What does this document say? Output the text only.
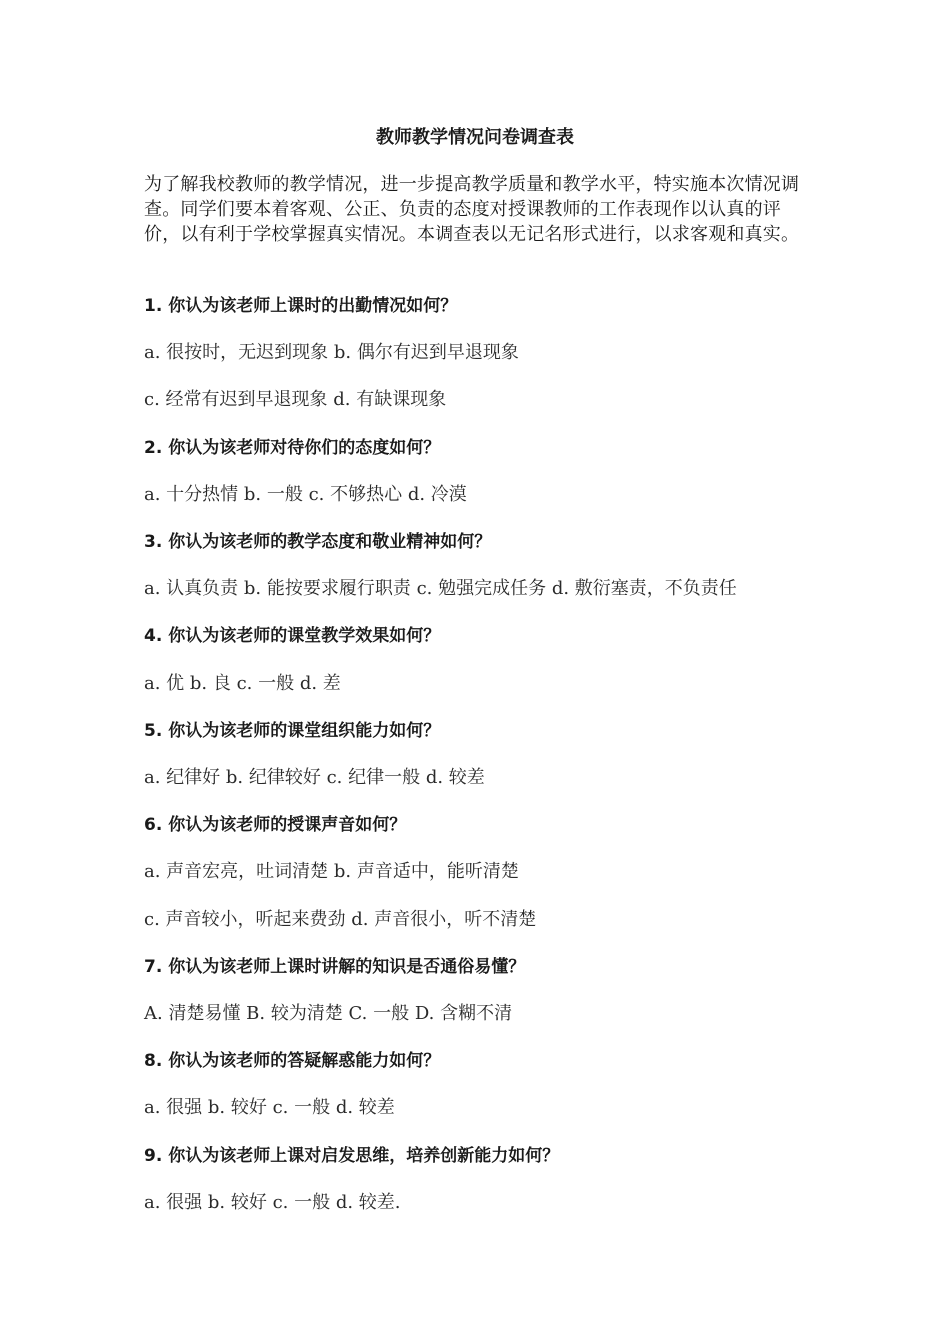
教师教学情况问卷调查表
为了解我校教师的教学情况，进一步提高教学质量和教学水平，特实施本次情况调查。同学们要本着客观、公正、负责的态度对授课教师的工作表现作以认真的评价，以有利于学校掌握真实情况。本调查表以无记名形式进行，以求客观和真实。
1. 你认为该老师上课时的出勤情况如何？
a. 很按时，无迟到现象 b. 偶尔有迟到早退现象
c. 经常有迟到早退现象 d. 有缺课现象
2. 你认为该老师对待你们的态度如何？
a. 十分热情 b. 一般 c. 不够热心 d. 冷漠
3. 你认为该老师的教学态度和敬业精神如何？
a. 认真负责 b. 能按要求履行职责 c. 勉强完成任务 d. 敷衍塞责，不负责任
4. 你认为该老师的课堂教学效果如何？
a. 优 b. 良 c. 一般 d. 差
5. 你认为该老师的课堂组织能力如何？
a. 纪律好 b. 纪律较好 c. 纪律一般 d. 较差
6. 你认为该老师的授课声音如何？
a. 声音宏亮，吐词清楚 b. 声音适中，能听清楚
c. 声音较小，听起来费劲 d. 声音很小，听不清楚
7. 你认为该老师上课时讲解的知识是否通俗易懂？
A. 清楚易懂 B. 较为清楚 C. 一般 D. 含糊不清
8. 你认为该老师的答疑解惑能力如何？
a. 很强 b. 较好 c. 一般 d. 较差
9. 你认为该老师上课对启发思维，培养创新能力如何？
a. 很强 b. 较好 c. 一般 d. 较差.
